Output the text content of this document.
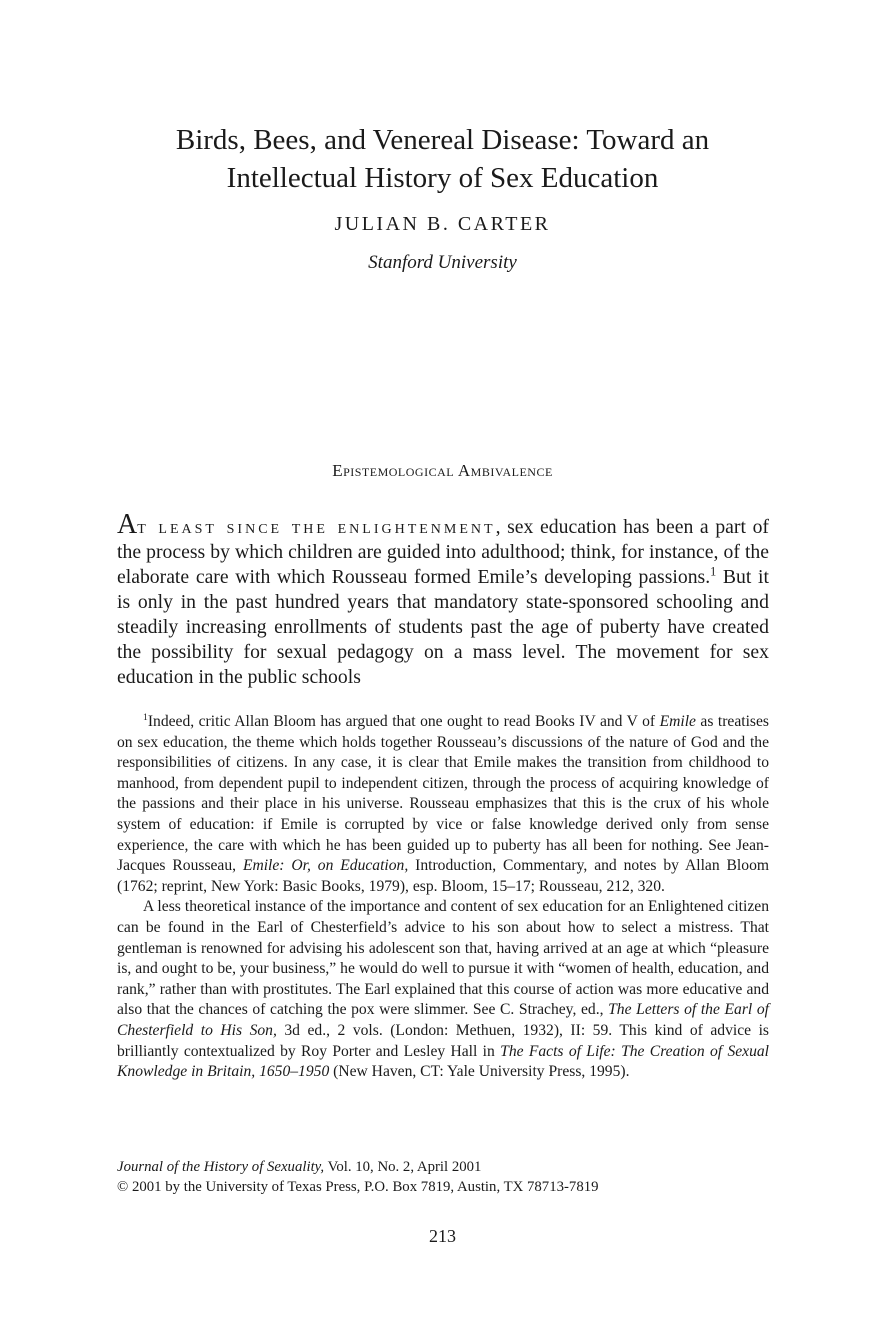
Birds, Bees, and Venereal Disease: Toward an
Intellectual History of Sex Education
JULIAN B. CARTER
Stanford University
Epistemological Ambivalence

At least since the enlightenment, sex education has been a part of the process by which children are guided into adulthood; think, for instance, of the elaborate care with which Rousseau formed Emile’s developing passions.$^1$ But it is only in the past hundred years that mandatory state-sponsored schooling and steadily increasing enrollments of students past the age of puberty have created the possibility for sexual pedagogy on a mass level. The movement for sex education in the public schools

$^1$Indeed, critic Allan Bloom has argued that one ought to read Books IV and V of Emile as treatises on sex education, the theme which holds together Rousseau’s discussions of the nature of God and the responsibilities of citizens. In any case, it is clear that Emile makes the transition from childhood to manhood, from dependent pupil to independent citizen, through the process of acquiring knowledge of the passions and their place in his universe. Rousseau emphasizes that this is the crux of his whole system of education: if Emile is corrupted by vice or false knowledge derived only from sense experience, the care with which he has been guided up to puberty has all been for nothing. See Jean-Jacques Rousseau, Emile: Or, on Education, Introduction, Commentary, and notes by Allan Bloom (1762; reprint, New York: Basic Books, 1979), esp. Bloom, 15–17; Rousseau, 212, 320.

A less theoretical instance of the importance and content of sex education for an Enlightened citizen can be found in the Earl of Chesterfield’s advice to his son about how to select a mistress. That gentleman is renowned for advising his adolescent son that, having arrived at an age at which “pleasure is, and ought to be, your business,” he would do well to pursue it with “women of health, education, and rank,” rather than with prostitutes. The Earl explained that this course of action was more educative and also that the chances of catching the pox were slimmer. See C. Strachey, ed., The Letters of the Earl of Chesterfield to His Son, 3d ed., 2 vols. (London: Methuen, 1932), II: 59. This kind of advice is brilliantly contextualized by Roy Porter and Lesley Hall in The Facts of Life: The Creation of Sexual Knowledge in Britain, 1650–1950 (New Haven, CT: Yale University Press, 1995).

Journal of the History of Sexuality, Vol. 10, No. 2, April 2001
© 2001 by the University of Texas Press, P.O. Box 7819, Austin, TX 78713-7819
213
